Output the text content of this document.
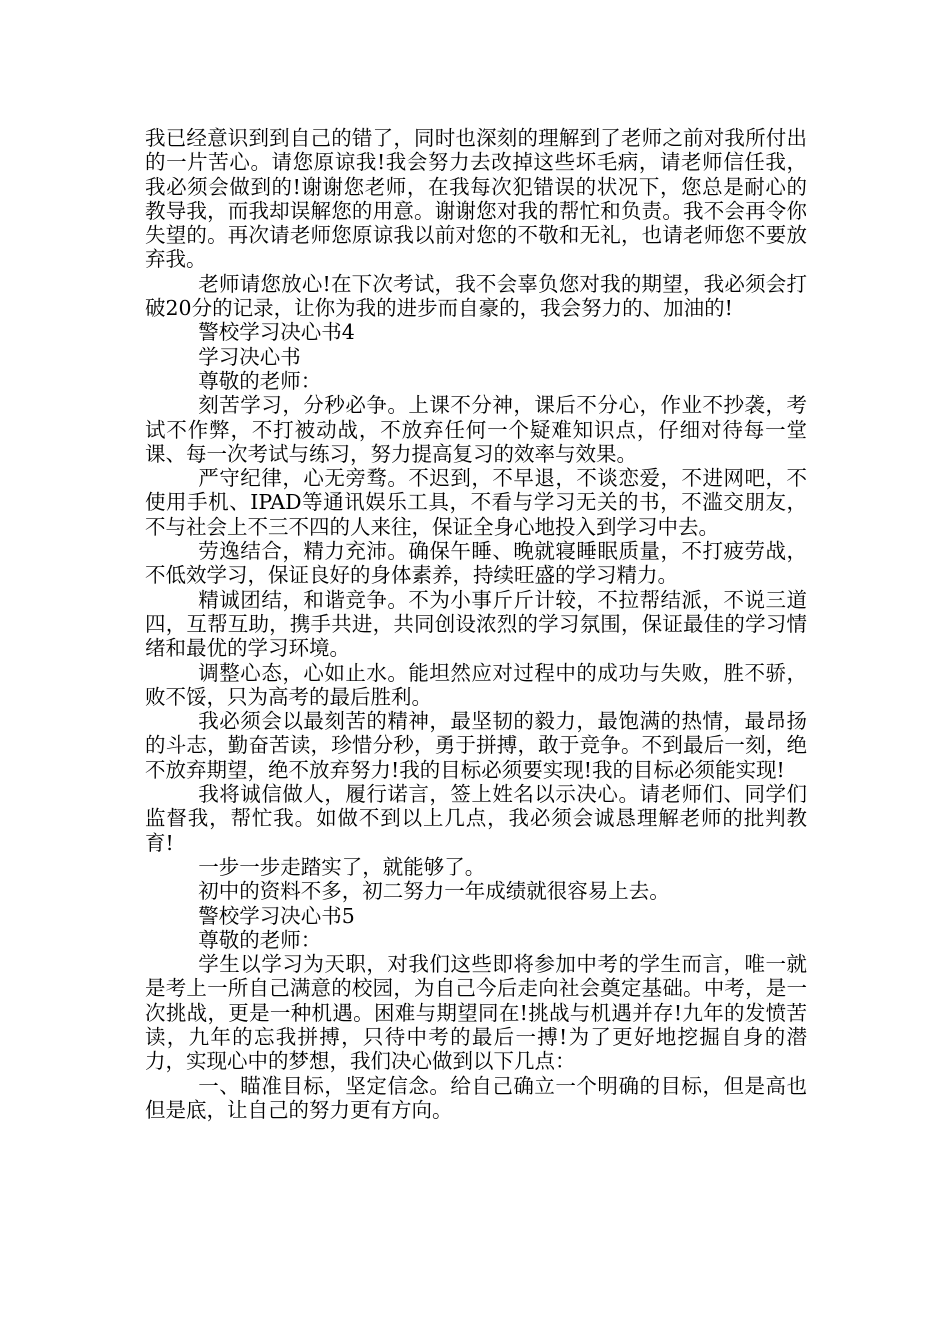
我已经意识到到自己的错了，同时也深刻的理解到了老师之前对我所付出的一片苦心。请您原谅我!我会努力去改掉这些坏毛病，请老师信任我，我必须会做到的!谢谢您老师，在我每次犯错误的状况下，您总是耐心的教导我，而我却误解您的用意。谢谢您对我的帮忙和负责。我不会再令你失望的。再次请老师您原谅我以前对您的不敬和无礼，也请老师您不要放弃我。

老师请您放心!在下次考试，我不会辜负您对我的期望，我必须会打破20分的记录，让你为我的进步而自豪的，我会努力的、加油的!

警校学习决心书4

学习决心书

尊敬的老师：

刻苦学习，分秒必争。上课不分神，课后不分心，作业不抄袭，考试不作弊，不打被动战，不放弃任何一个疑难知识点，仔细对待每一堂课、每一次考试与练习，努力提高复习的效率与效果。

严守纪律，心无旁骛。不迟到，不早退，不谈恋爱，不进网吧，不使用手机、IPAD等通讯娱乐工具，不看与学习无关的书，不滥交朋友，不与社会上不三不四的人来往，保证全身心地投入到学习中去。

劳逸结合，精力充沛。确保午睡、晚就寝睡眠质量，不打疲劳战，不低效学习，保证良好的身体素养，持续旺盛的学习精力。

精诚团结，和谐竞争。不为小事斤斤计较，不拉帮结派，不说三道四，互帮互助，携手共进，共同创设浓烈的学习氛围，保证最佳的学习情绪和最优的学习环境。

调整心态，心如止水。能坦然应对过程中的成功与失败，胜不骄，败不馁，只为高考的最后胜利。

我必须会以最刻苦的精神，最坚韧的毅力，最饱满的热情，最昂扬的斗志，勤奋苦读，珍惜分秒，勇于拼搏，敢于竞争。不到最后一刻，绝不放弃期望，绝不放弃努力!我的目标必须要实现!我的目标必须能实现!

我将诚信做人，履行诺言，签上姓名以示决心。请老师们、同学们监督我，帮忙我。如做不到以上几点，我必须会诚恳理解老师的批判教育!

一步一步走踏实了，就能够了。

初中的资料不多，初二努力一年成绩就很容易上去。

警校学习决心书5

尊敬的老师：

学生以学习为天职，对我们这些即将参加中考的学生而言，唯一就是考上一所自己满意的校园，为自己今后走向社会奠定基础。中考，是一次挑战，更是一种机遇。困难与期望同在!挑战与机遇并存!九年的发愤苦读，九年的忘我拼搏，只待中考的最后一搏!为了更好地挖掘自身的潜力，实现心中的梦想，我们决心做到以下几点：

一、瞄准目标，坚定信念。给自己确立一个明确的目标，但是高也但是底，让自己的努力更有方向。
